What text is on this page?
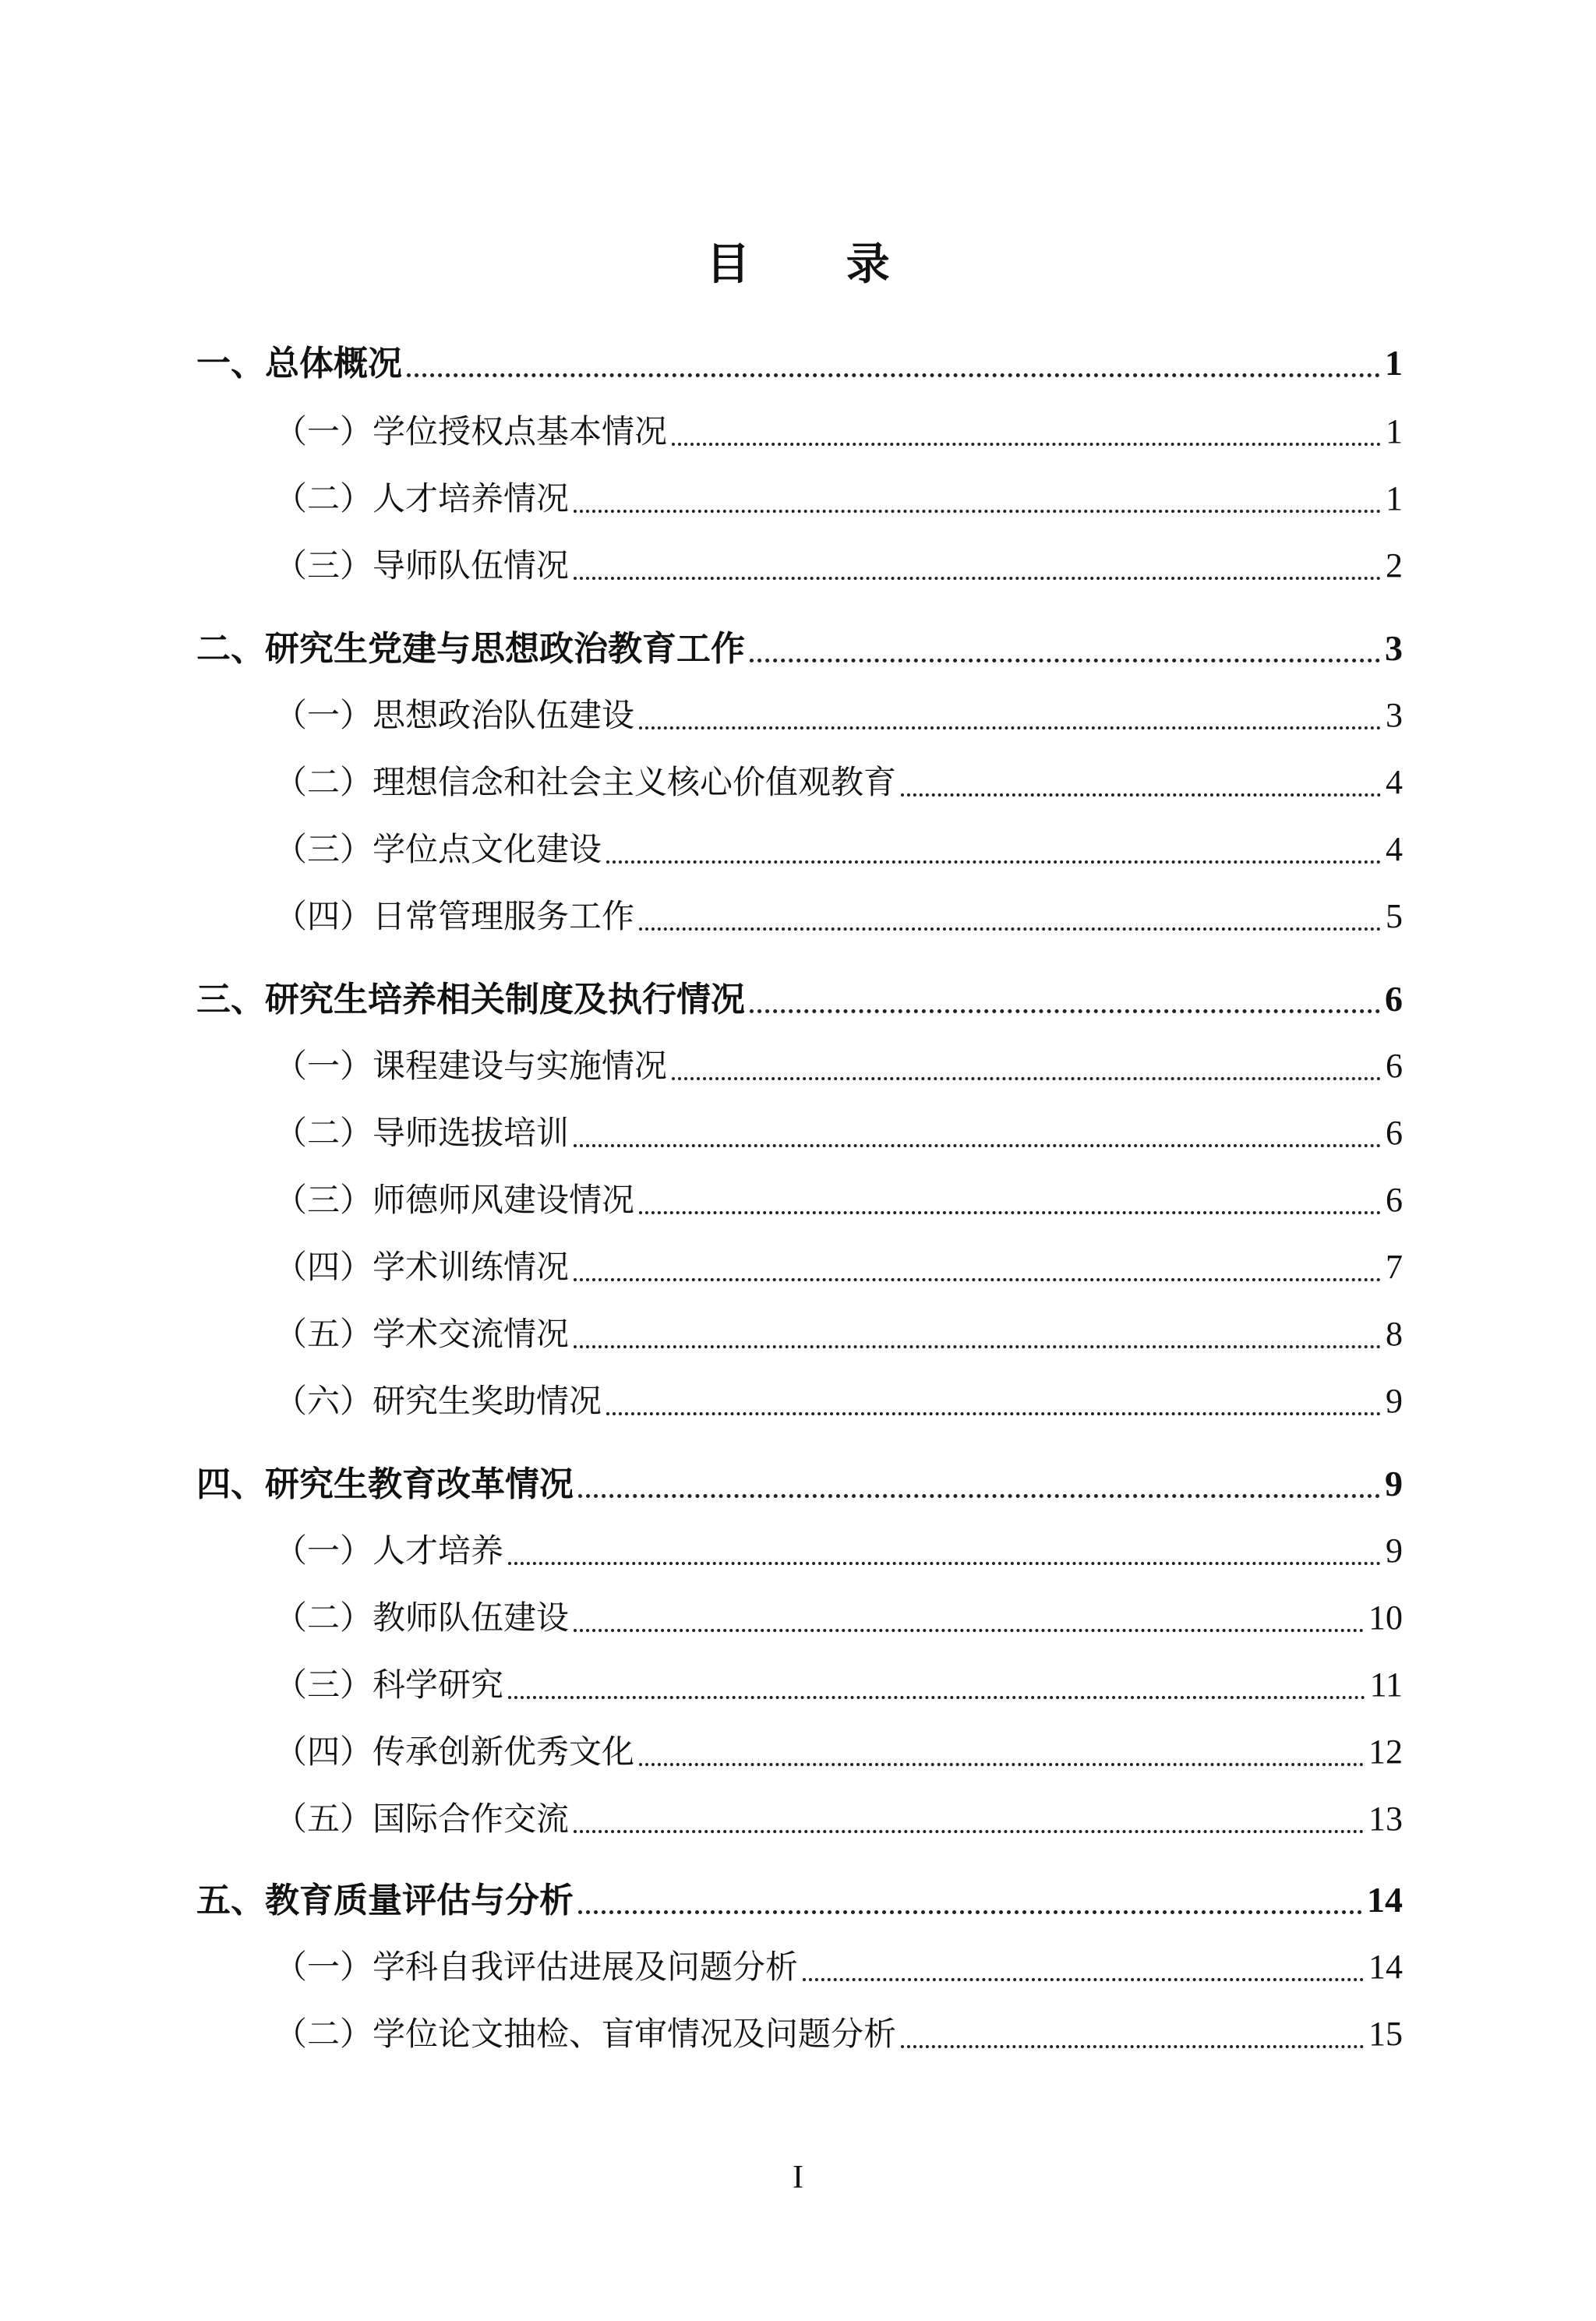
目 录
一、总体概况	1
（一）学位授权点基本情况	1
（二）人才培养情况	1
（三）导师队伍情况	2
二、研究生党建与思想政治教育工作	3
（一）思想政治队伍建设	3
（二）理想信念和社会主义核心价值观教育	4
（三）学位点文化建设	4
（四）日常管理服务工作	5
三、研究生培养相关制度及执行情况	6
（一）课程建设与实施情况	6
（二）导师选拔培训	6
（三）师德师风建设情况	6
（四）学术训练情况	7
（五）学术交流情况	8
（六）研究生奖助情况	9
四、研究生教育改革情况	9
（一）人才培养	9
（二）教师队伍建设	10
（三）科学研究	11
（四）传承创新优秀文化	12
（五）国际合作交流	13
五、教育质量评估与分析	14
（一）学科自我评估进展及问题分析	14
（二）学位论文抽检、盲审情况及问题分析	15
I
